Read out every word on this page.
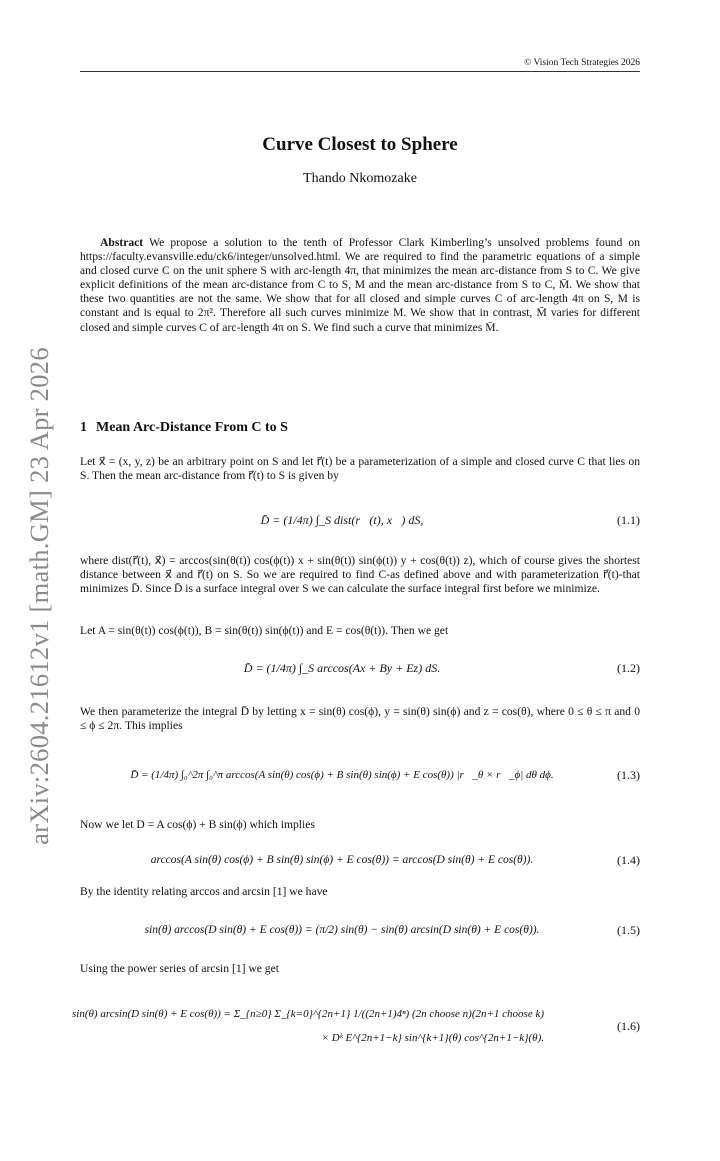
© Vision Tech Strategies 2026
arXiv:2604.21612v1 [math.GM] 23 Apr 2026
Curve Closest to Sphere
Thando Nkomozake
Abstract We propose a solution to the tenth of Professor Clark Kimberling’s unsolved problems found on https://faculty.evansville.edu/ck6/integer/unsolved.html. We are required to find the parametric equations of a simple and closed curve C on the unit sphere S with arc-length 4π, that minimizes the mean arc-distance from S to C. We give explicit definitions of the mean arc-distance from C to S, M and the mean arc-distance from S to C, M̄. We show that these two quantities are not the same. We show that for all closed and simple curves C of arc-length 4π on S, M is constant and is equal to 2π². Therefore all such curves minimize M. We show that in contrast, M̄ varies for different closed and simple curves C of arc-length 4π on S. We find such a curve that minimizes M̄.
1 Mean Arc-Distance From C to S
Let x⃗ = (x, y, z) be an arbitrary point on S and let r⃗(t) be a parameterization of a simple and closed curve C that lies on S. Then the mean arc-distance from r⃗(t) to S is given by
D̄ = (1/4π) ∫_S dist(r⃗(t), x⃗) dS,	(1.1)
where dist(r⃗(t), x⃗) = arccos(sin(θ(t)) cos(ϕ(t)) x + sin(θ(t)) sin(ϕ(t)) y + cos(θ(t)) z), which of course gives the shortest distance between x⃗ and r⃗(t) on S. So we are required to find C-as defined above and with parameterization r⃗(t)-that minimizes D̄. Since D̄ is a surface integral over S we can calculate the surface integral first before we minimize.
Let A = sin(θ(t)) cos(ϕ(t)), B = sin(θ(t)) sin(ϕ(t)) and E = cos(θ(t)). Then we get
D̄ = (1/4π) ∫_S arccos(Ax + By + Ez) dS.	(1.2)
We then parameterize the integral D̄ by letting x = sin(θ) cos(ϕ), y = sin(θ) sin(ϕ) and z = cos(θ), where 0 ≤ θ ≤ π and 0 ≤ ϕ ≤ 2π. This implies
D̄ = (1/4π) ∫₀^2π ∫₀^π arccos(A sin(θ) cos(ϕ) + B sin(θ) sin(ϕ) + E cos(θ)) |r⃗_θ × r⃗_ϕ| dθ dϕ.	(1.3)
Now we let D = A cos(ϕ) + B sin(ϕ) which implies
arccos(A sin(θ) cos(ϕ) + B sin(θ) sin(ϕ) + E cos(θ)) = arccos(D sin(θ) + E cos(θ)).	(1.4)
By the identity relating arccos and arcsin [1] we have
sin(θ) arccos(D sin(θ) + E cos(θ)) = (π/2) sin(θ) − sin(θ) arcsin(D sin(θ) + E cos(θ)).	(1.5)
Using the power series of arcsin [1] we get
sin(θ) arcsin(D sin(θ) + E cos(θ)) = Σ_{n≥0} Σ_{k=0}^{2n+1} 1/((2n+1)4ⁿ) (2n choose n)(2n+1 choose k)
× Dᵏ E^{2n+1−k} sin^{k+1}(θ) cos^{2n+1−k}(θ).
(1.6)
